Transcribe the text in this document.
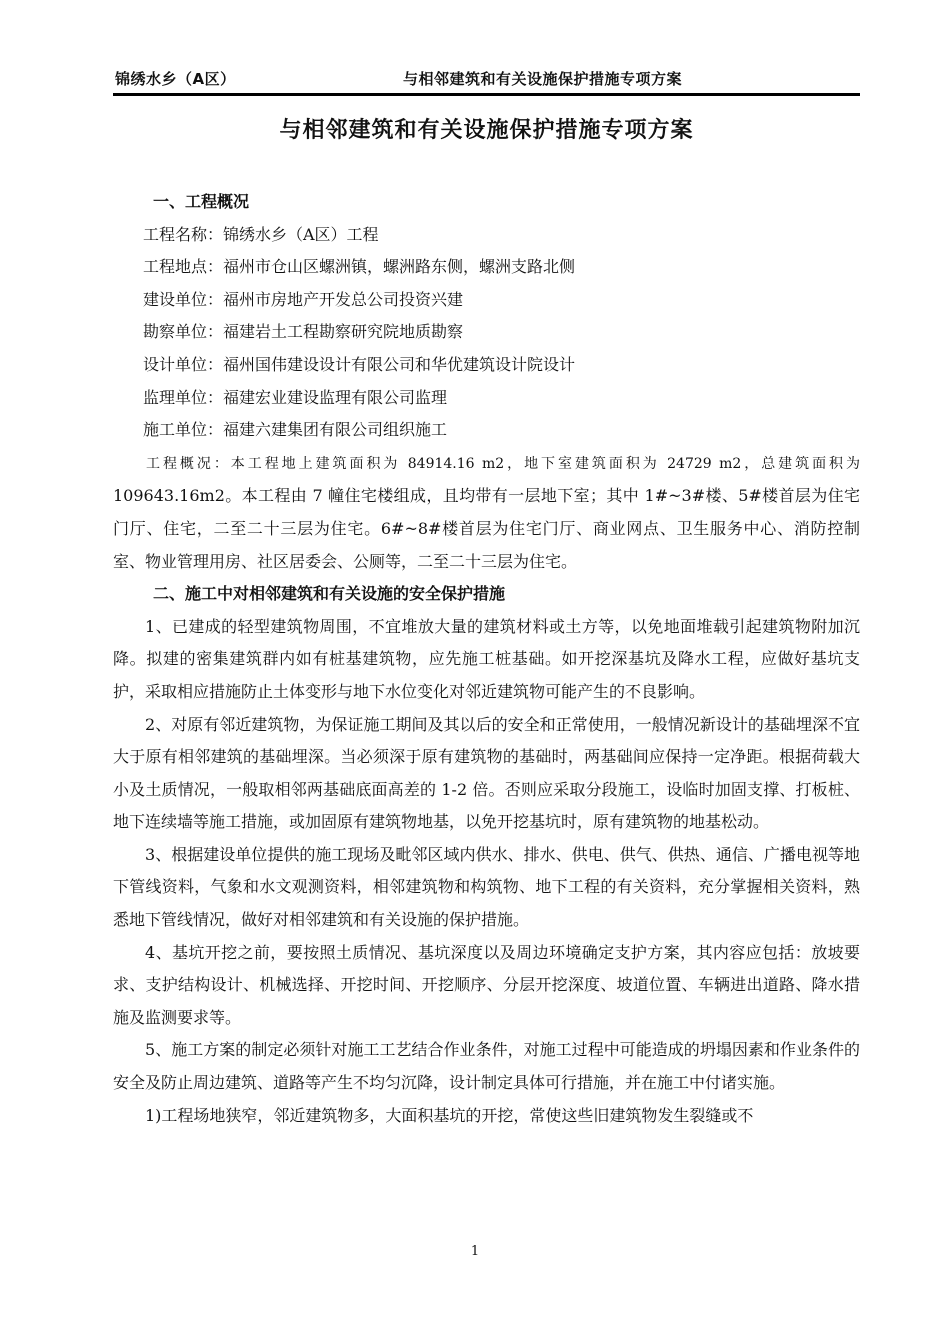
锦绣水乡（A区）	与相邻建筑和有关设施保护措施专项方案
与相邻建筑和有关设施保护措施专项方案
一、工程概况
工程名称：锦绣水乡（A区）工程
工程地点：福州市仓山区螺洲镇，螺洲路东侧，螺洲支路北侧
建设单位：福州市房地产开发总公司投资兴建
勘察单位：福建岩土工程勘察研究院地质勘察
设计单位：福州国伟建设设计有限公司和华优建筑设计院设计
监理单位：福建宏业建设监理有限公司监理
施工单位：福建六建集团有限公司组织施工

工程概况：本工程地上建筑面积为 84914.16 m2，地下室建筑面积为 24729 m2，总建筑面积为109643.16m2。本工程由 7 幢住宅楼组成，且均带有一层地下室；其中 1#~3#楼、5#楼首层为住宅门厅、住宅，二至二十三层为住宅。6#~8#楼首层为住宅门厅、商业网点、卫生服务中心、消防控制室、物业管理用房、社区居委会、公厕等，二至二十三层为住宅。

二、施工中对相邻建筑和有关设施的安全保护措施

1、已建成的轻型建筑物周围，不宜堆放大量的建筑材料或土方等，以免地面堆载引起建筑物附加沉降。拟建的密集建筑群内如有桩基建筑物，应先施工桩基础。如开挖深基坑及降水工程，应做好基坑支护，采取相应措施防止土体变形与地下水位变化对邻近建筑物可能产生的不良影响。

2、对原有邻近建筑物，为保证施工期间及其以后的安全和正常使用，一般情况新设计的基础埋深不宜大于原有相邻建筑的基础埋深。当必须深于原有建筑物的基础时，两基础间应保持一定净距。根据荷载大小及土质情况，一般取相邻两基础底面高差的 1-2 倍。否则应采取分段施工，设临时加固支撑、打板桩、地下连续墙等施工措施，或加固原有建筑物地基，以免开挖基坑时，原有建筑物的地基松动。

3、根据建设单位提供的施工现场及毗邻区域内供水、排水、供电、供气、供热、通信、广播电视等地下管线资料，气象和水文观测资料，相邻建筑物和构筑物、地下工程的有关资料，充分掌握相关资料，熟悉地下管线情况，做好对相邻建筑和有关设施的保护措施。

4、基坑开挖之前，要按照土质情况、基坑深度以及周边环境确定支护方案，其内容应包括：放坡要求、支护结构设计、机械选择、开挖时间、开挖顺序、分层开挖深度、坡道位置、车辆进出道路、降水措施及监测要求等。

5、施工方案的制定必须针对施工工艺结合作业条件，对施工过程中可能造成的坍塌因素和作业条件的安全及防止周边建筑、道路等产生不均匀沉降，设计制定具体可行措施，并在施工中付诸实施。

1)工程场地狭窄，邻近建筑物多，大面积基坑的开挖，常使这些旧建筑物发生裂缝或不

1
